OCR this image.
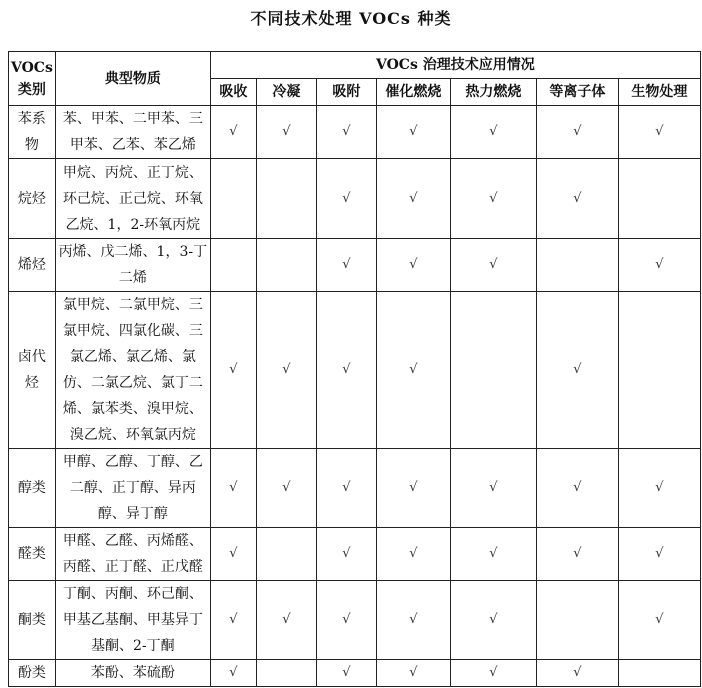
不同技术处理 VOCs 种类
VOCs类别	典型物质	VOCs 治理技术应用情况						
		吸收	冷凝	吸附	催化燃烧	热力燃烧	等离子体	生物处理
苯系物	苯、甲苯、二甲苯、三甲苯、乙苯、苯乙烯	√	√	√	√	√	√	√
烷烃	甲烷、丙烷、正丁烷、环己烷、正己烷、环氧乙烷、1，2-环氧丙烷			√	√	√	√	
烯烃	丙烯、戊二烯、1，3-丁二烯			√	√	√		√
卤代烃	氯甲烷、二氯甲烷、三氯甲烷、四氯化碳、三氯乙烯、氯乙烯、氯仿、二氯乙烷、氯丁二烯、氯苯类、溴甲烷、溴乙烷、环氧氯丙烷	√	√	√	√		√	
醇类	甲醇、乙醇、丁醇、乙二醇、正丁醇、异丙醇、异丁醇	√	√	√	√	√	√	√
醛类	甲醛、乙醛、丙烯醛、丙醛、正丁醛、正戊醛	√		√	√	√	√	√
酮类	丁酮、丙酮、环己酮、甲基乙基酮、甲基异丁基酮、2-丁酮	√	√	√	√	√		√
酚类	苯酚、苯硫酚	√		√	√	√	√	
